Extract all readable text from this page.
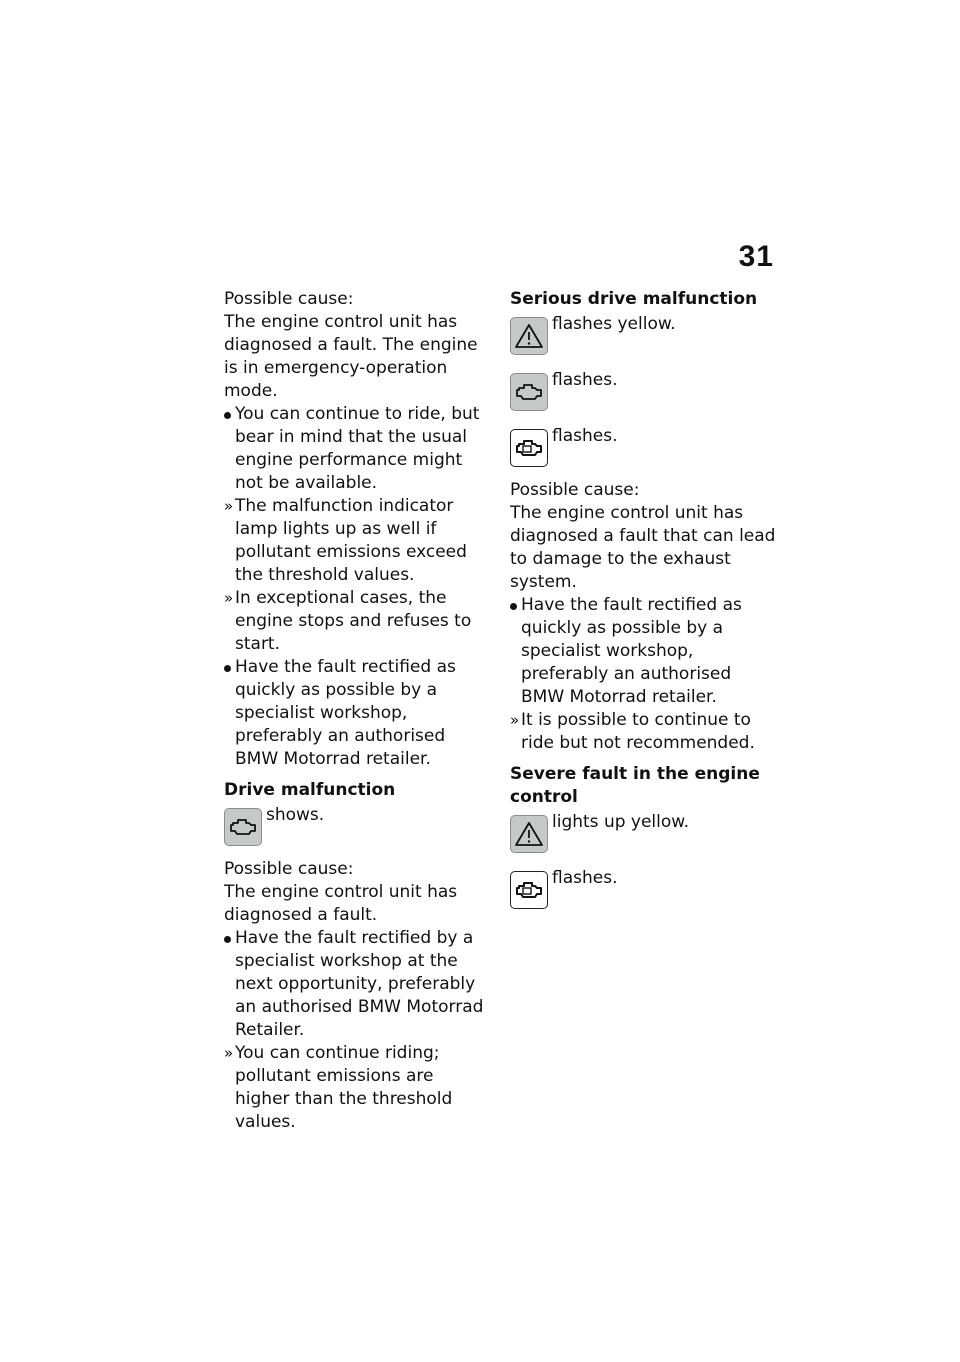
31

Possible cause:

The engine control unit has diagnosed a fault. The engine is in emergency-operation mode.

You can continue to ride, but bear in mind that the usual engine performance might not be available.

» The malfunction indicator lamp lights up as well if pollutant emissions exceed the threshold values.

» In exceptional cases, the engine stops and refuses to start.

Have the fault rectified as quickly as possible by a specialist workshop, preferably an authorised BMW Motorrad retailer.

Drive malfunction

shows.

Possible cause:

The engine control unit has diagnosed a fault.

Have the fault rectified by a specialist workshop at the next opportunity, preferably an authorised BMW Motorrad Retailer.

» You can continue riding; pollutant emissions are higher than the threshold values.

Serious drive malfunction

flashes yellow.
flashes.
flashes.

Possible cause:

The engine control unit has diagnosed a fault that can lead to damage to the exhaust system.

Have the fault rectified as quickly as possible by a specialist workshop, preferably an authorised BMW Motorrad retailer.

» It is possible to continue to ride but not recommended.

Severe fault in the engine control

lights up yellow.
flashes.
